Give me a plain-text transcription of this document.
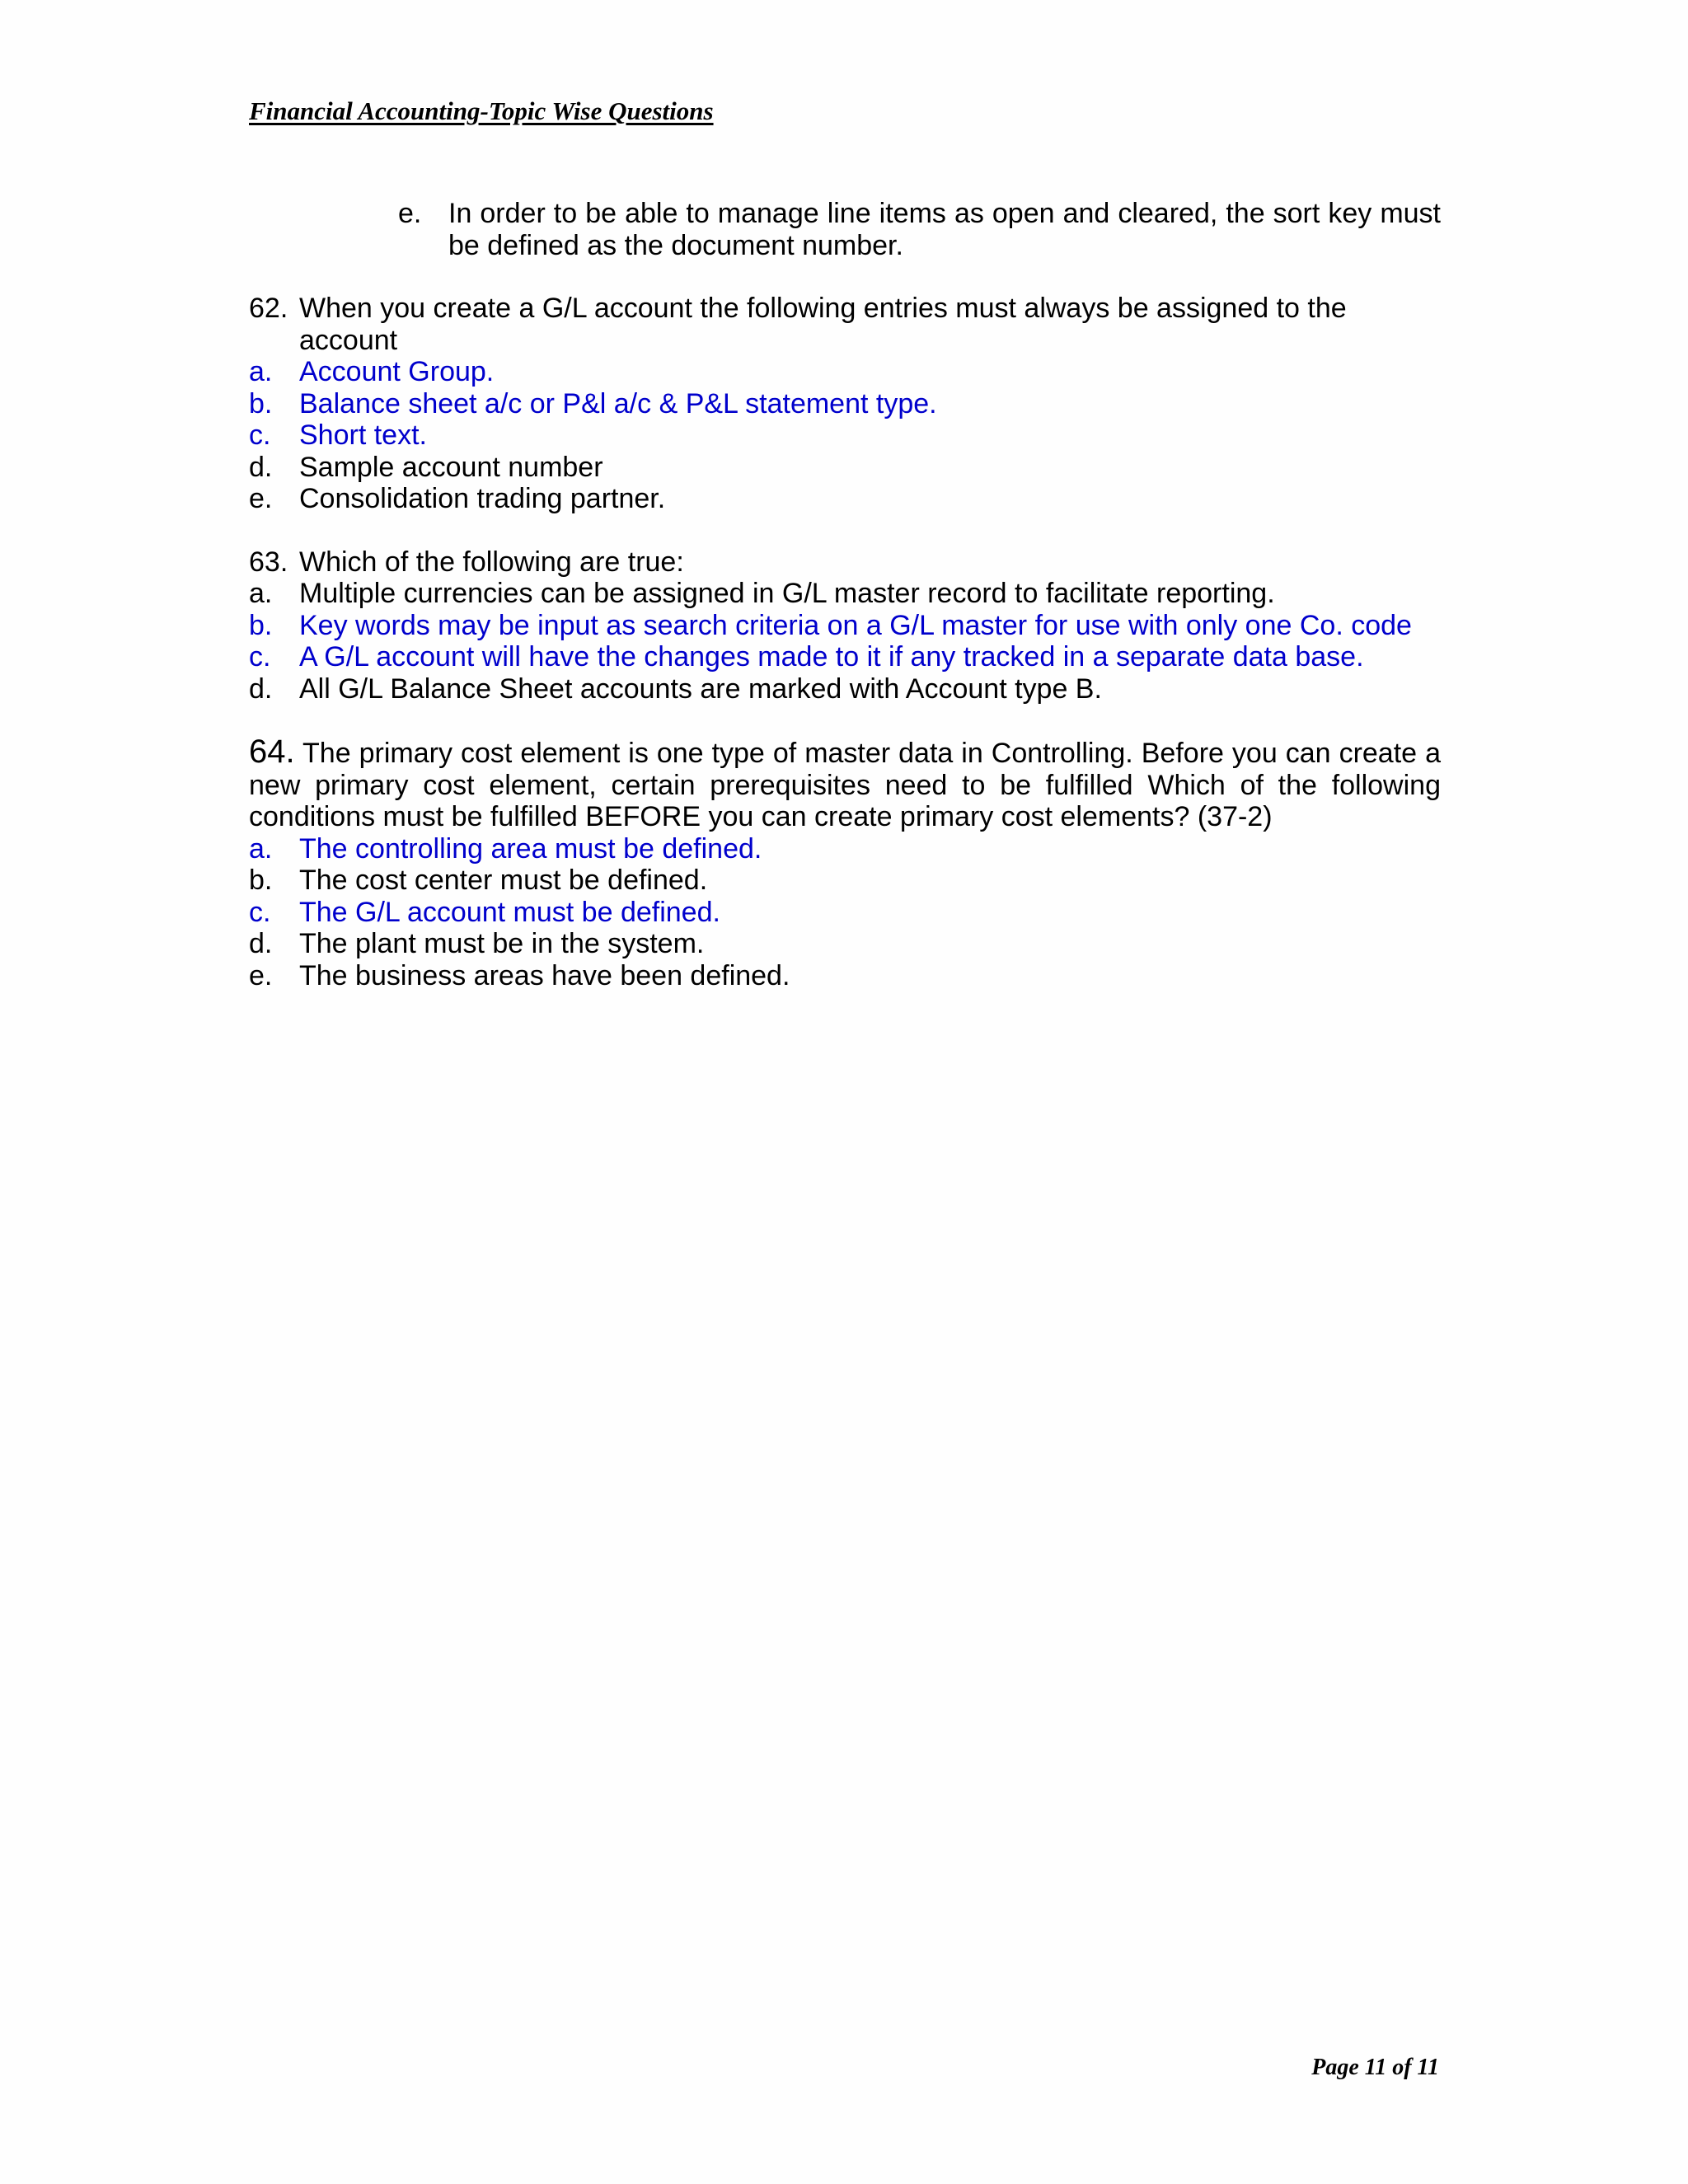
Financial Accounting-Topic Wise Questions
e. In order to be able to manage line items as open and cleared, the sort key must be defined as the document number.
62. When you create a G/L account the following entries must always be assigned to the account
a. Account Group.
b. Balance sheet a/c or P&l a/c & P&L statement type.
c.	Short text.
d. Sample account number
e. Consolidation trading partner.
63. Which of the following are true:
a. Multiple currencies can be assigned in G/L master record to facilitate reporting.
b. Key words may be input as search criteria on a G/L master for use with only one Co. code
c.	A G/L account will have the changes made to it if any tracked in a separate data base.
d. All G/L Balance Sheet accounts are marked with Account type B.

64. The primary cost element is one type of master data in Controlling. Before you can create a new primary cost element, certain prerequisites need to be fulfilled Which of the following conditions must be fulfilled BEFORE you can create primary cost elements? (37-2)

a. The controlling area must be defined.
b. The cost center must be defined.
c.	The G/L account must be defined.
d. The plant must be in the system.
e. The business areas have been defined.
Page 11 of 11
